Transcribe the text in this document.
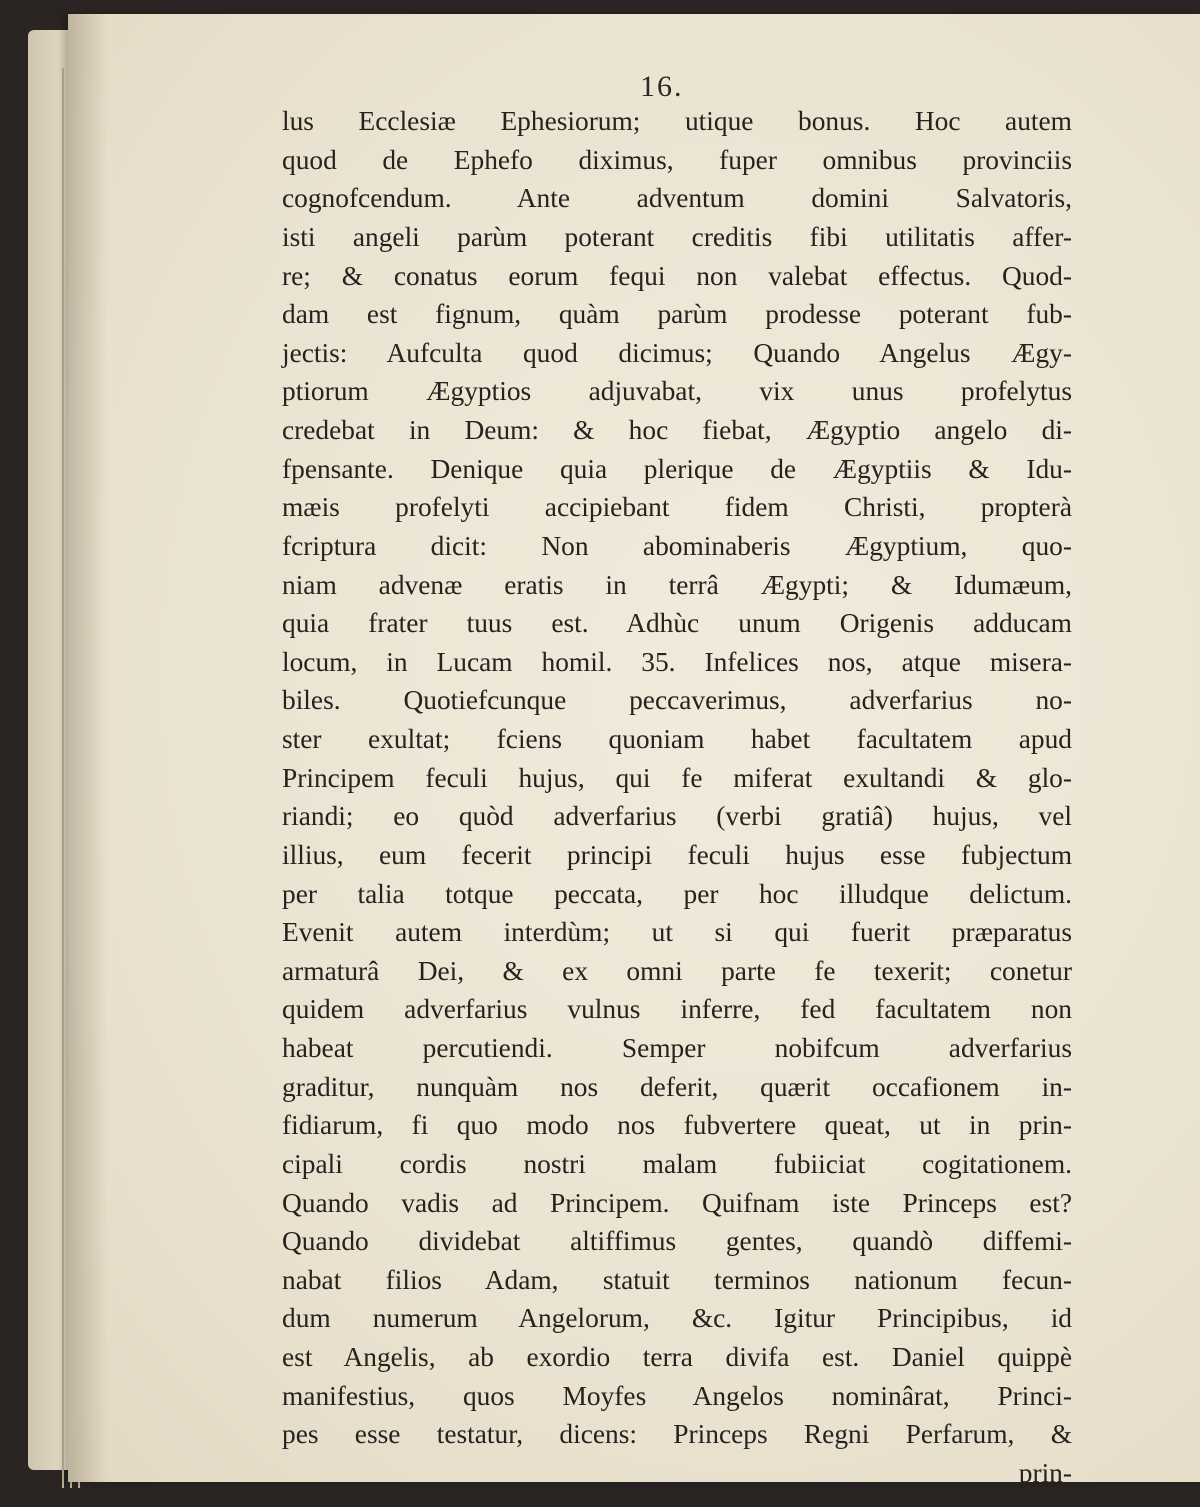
16.
lus Ecclesiæ Ephesiorum; utique bonus. Hoc autem
quod de Ephefo diximus, fuper omnibus provinciis
cognofcendum. Ante adventum domini Salvatoris,
isti angeli parùm poterant creditis fibi utilitatis affer-
re; & conatus eorum fequi non valebat effectus. Quod-
dam est fignum, quàm parùm prodesse poterant fub-
jectis: Aufculta quod dicimus; Quando Angelus Ægy-
ptiorum Ægyptios adjuvabat, vix unus profelytus
credebat in Deum: & hoc fiebat, Ægyptio angelo di-
fpensante. Denique quia plerique de Ægyptiis & Idu-
mæis profelyti accipiebant fidem Christi, propterà
fcriptura dicit: Non abominaberis Ægyptium, quo-
niam advenæ eratis in terrâ Ægypti; & Idumæum,
quia frater tuus est. Adhùc unum Origenis adducam
locum, in Lucam homil. 35. Infelices nos, atque misera-
biles. Quotiefcunque peccaverimus, adverfarius no-
ster exultat; fciens quoniam habet facultatem apud
Principem feculi hujus, qui fe miferat exultandi & glo-
riandi; eo quòd adverfarius (verbi gratiâ) hujus, vel
illius, eum fecerit principi feculi hujus esse fubjectum
per talia totque peccata, per hoc illudque delictum.
Evenit autem interdùm; ut si qui fuerit præparatus
armaturâ Dei, & ex omni parte fe texerit; conetur
quidem adverfarius vulnus inferre, fed facultatem non
habeat percutiendi. Semper nobifcum adverfarius
graditur, nunquàm nos deferit, quærit occafionem in-
fidiarum, fi quo modo nos fubvertere queat, ut in prin-
cipali cordis nostri malam fubiiciat cogitationem.
Quando vadis ad Principem. Quifnam iste Princeps est?
Quando dividebat altiffimus gentes, quandò diffemi-
nabat filios Adam, statuit terminos nationum fecun-
dum numerum Angelorum, &c. Igitur Principibus, id
est Angelis, ab exordio terra divifa est. Daniel quippè
manifestius, quos Moyfes Angelos nominârat, Princi-
pes esse testatur, dicens: Princeps Regni Perfarum, &
prin-
